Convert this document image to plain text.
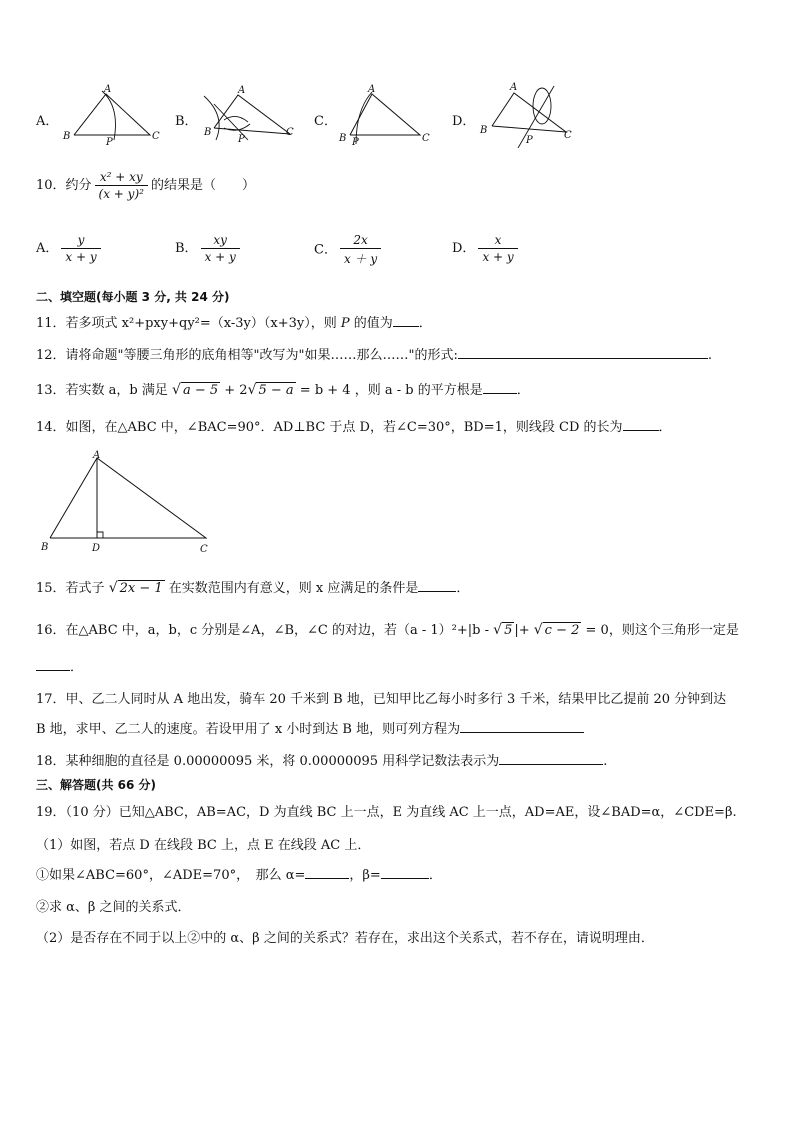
A．
A
B
P
C
B．
A
B
P
C
C．
A
B P	C
D．
A
B
P	C
10．约分 $\frac{\text{x² + xy}}{\text{(x + y)²}}$ 的结果是（　　）
A． $\frac{y}{x + y}$	B． $\frac{xy}{x + y}$	C． $\frac{2x}{x + y}$	D． $\frac{x}{x + y}$
二、填空题(每小题 3 分, 共 24 分)
11．若多项式 x²+pxy+qy²=（x-3y）（x+3y），则 P 的值为 ．
12．请将命题"等腰三角形的底角相等"改写为"如果……那么……"的形式:	.
13．若实数 a，b 满足 √ a − 5 + 2√ 5 − a = b + 4 ，则 a - b 的平方根是	．
14．如图，在△ABC 中，∠BAC=90°．AD⊥BC 于点 D，若∠C=30°，BD=1，则线段 CD 的长为	．
A
B	D	C
15．若式子 √ 2x − 1 在实数范围内有意义，则 x 应满足的条件是	．
16．在△ABC 中，a，b，c 分别是∠A，∠B，∠C 的对边，若（a - 1）²+|b - √ 5 |+ √ c − 2 = 0，则这个三角形一定是
．
17．甲、乙二人同时从 A 地出发，骑车 20 千米到 B 地，已知甲比乙每小时多行 3 千米，结果甲比乙提前 20 分钟到达
B 地，求甲、乙二人的速度。若设甲用了 x 小时到达 B 地，则可列方程为
18．某种细胞的直径是 0.00000095 米，将 0.00000095 用科学记数法表示为	.
三、解答题(共 66 分)
19．（10 分）已知△ABC，AB=AC，D 为直线 BC 上一点，E 为直线 AC 上一点，AD=AE，设∠BAD=α，∠CDE=β.
（1）如图，若点 D 在线段 BC 上，点 E 在线段 AC 上．
①如果∠ABC=60°，∠ADE=70°，　那么 α=	，β=	．
②求 α、β 之间的关系式．
（2）是否存在不同于以上②中的 α、β 之间的关系式？若存在，求出这个关系式，若不存在，请说明理由．
